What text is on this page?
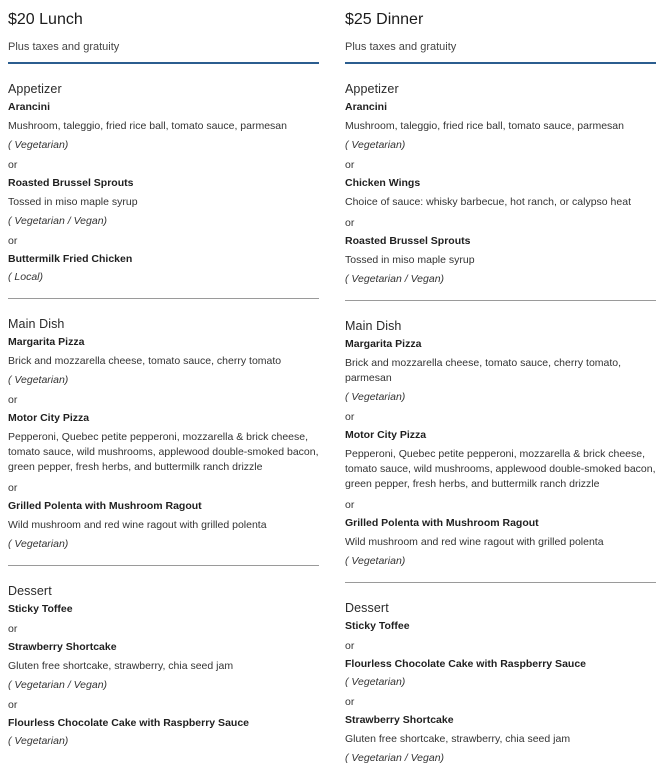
$20 Lunch
Plus taxes and gratuity
Appetizer
Arancini
Mushroom, taleggio, fried rice ball, tomato sauce, parmesan
( Vegetarian)
or
Roasted Brussel Sprouts
Tossed in miso maple syrup
( Vegetarian / Vegan)
or
Buttermilk Fried Chicken
( Local)
Main Dish
Margarita Pizza
Brick and mozzarella cheese, tomato sauce, cherry tomato
( Vegetarian)
or
Motor City Pizza
Pepperoni, Quebec petite pepperoni, mozzarella & brick cheese, tomato sauce, wild mushrooms, applewood double-smoked bacon, green pepper, fresh herbs, and buttermilk ranch drizzle
or
Grilled Polenta with Mushroom Ragout
Wild mushroom and red wine ragout with grilled polenta
( Vegetarian)
Dessert
Sticky Toffee
or
Strawberry Shortcake
Gluten free shortcake, strawberry, chia seed jam
( Vegetarian / Vegan)
or
Flourless Chocolate Cake with Raspberry Sauce
( Vegetarian)
$25 Dinner
Plus taxes and gratuity
Appetizer
Arancini
Mushroom, taleggio, fried rice ball, tomato sauce, parmesan
( Vegetarian)
or
Chicken Wings
Choice of sauce: whisky barbecue, hot ranch, or calypso heat
or
Roasted Brussel Sprouts
Tossed in miso maple syrup
( Vegetarian / Vegan)
Main Dish
Margarita Pizza
Brick and mozzarella cheese, tomato sauce, cherry tomato, parmesan
( Vegetarian)
or
Motor City Pizza
Pepperoni, Quebec petite pepperoni, mozzarella & brick cheese, tomato sauce, wild mushrooms, applewood double-smoked bacon, green pepper, fresh herbs, and buttermilk ranch drizzle
or
Grilled Polenta with Mushroom Ragout
Wild mushroom and red wine ragout with grilled polenta
( Vegetarian)
Dessert
Sticky Toffee
or
Flourless Chocolate Cake with Raspberry Sauce
( Vegetarian)
or
Strawberry Shortcake
Gluten free shortcake, strawberry, chia seed jam
( Vegetarian / Vegan)
